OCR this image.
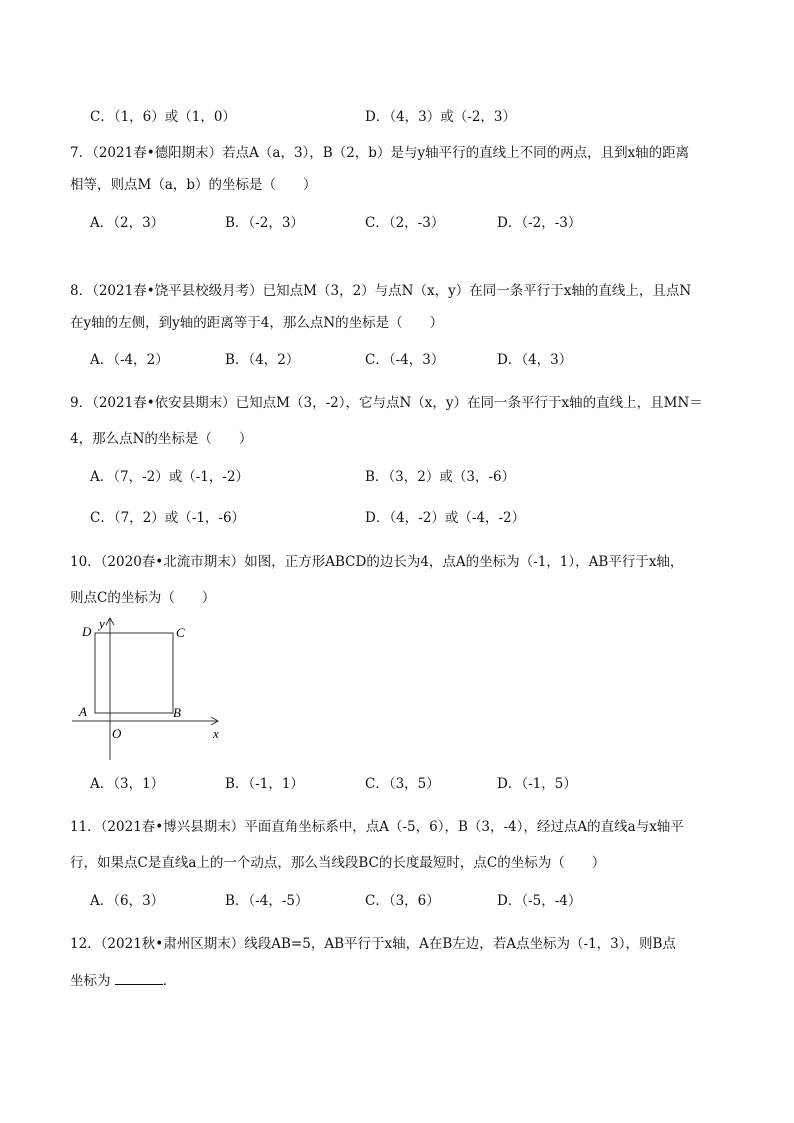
C．（1，6）或（1，0）	D．（4，3）或（-2，3）
7．（2021春•德阳期末）若点A（a，3），B（2，b）是与y轴平行的直线上不同的两点，且到x轴的距离
相等，则点M（a，b）的坐标是（　　）
A．（2，3）	B．（-2，3）	C．（2，-3）	D．（-2，-3）
8．（2021春•饶平县校级月考）已知点M（3，2）与点N（x，y）在同一条平行于x轴的直线上，且点N
在y轴的左侧，到y轴的距离等于4，那么点N的坐标是（　　）
A．（-4，2）	B．（4，2）	C．（-4，3）	D．（4，3）
9．（2021春•依安县期末）已知点M（3，-2），它与点N（x，y）在同一条平行于x轴的直线上，且MN＝
4，那么点N的坐标是（　　）
A．（7，-2）或（-1，-2）	B．（3，2）或（3，-6）
C．（7，2）或（-1，-6）	D．（4，-2）或（-4，-2）
10．（2020春•北流市期末）如图，正方形ABCD的边长为4，点A的坐标为（-1，1），AB平行于x轴，
则点C的坐标为（　　）
D	C
A	B
O	x
y
A．（3，1）	B．（-1，1）	C．（3，5）	D．（-1，5）
11．（2021春•博兴县期末）平面直角坐标系中，点A（-5，6），B（3，-4），经过点A的直线a与x轴平
行，如果点C是直线a上的一个动点，那么当线段BC的长度最短时，点C的坐标为（　　）
A．（6，3）	B．（-4，-5）	C．（3，6）	D．（-5，-4）
12．（2021秋•肃州区期末）线段AB=5，AB平行于x轴，A在B左边，若A点坐标为（-1，3），则B点
坐标为	．
